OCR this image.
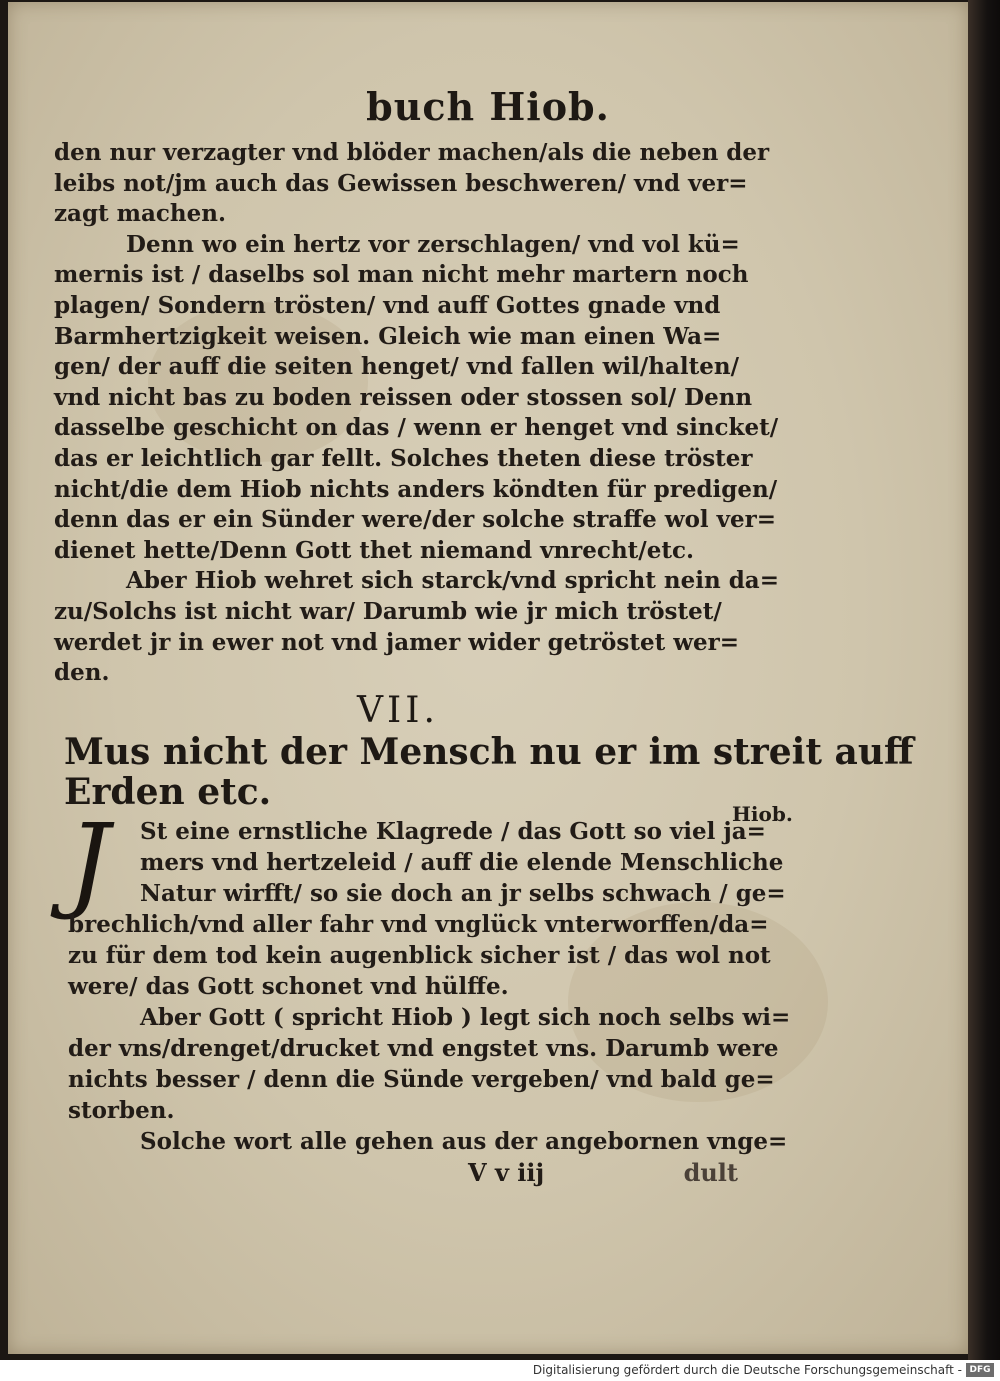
buch Hiob.

den nur verzagter vnd blöder machen/als die neben der

leibs not/jm auch das Gewissen beschweren/ vnd ver=

zagt machen.

Denn wo ein hertz vor zerschlagen/ vnd vol kü=

mernis ist / daselbs sol man nicht mehr martern noch

plagen/ Sondern trösten/ vnd auff Gottes gnade vnd

Barmhertzigkeit weisen. Gleich wie man einen Wa=

gen/ der auff die seiten henget/ vnd fallen wil/halten/

vnd nicht bas zu boden reissen oder stossen sol/ Denn

dasselbe geschicht on das / wenn er henget vnd sincket/

das er leichtlich gar fellt. Solches theten diese tröster

nicht/die dem Hiob nichts anders köndten für predigen/

denn das er ein Sünder were/der solche straffe wol ver=

dienet hette/Denn Gott thet niemand vnrecht/etc.

Aber Hiob wehret sich starck/vnd spricht nein da=

zu/Solchs ist nicht war/ Darumb wie jr mich tröstet/

werdet jr in ewer not vnd jamer wider getröstet wer=

den.

VII.

Mus nicht der Mensch nu er im streit auff

Erden etc.

Hiob.
J	St eine ernstliche Klagrede / das Gott so viel ja=

mers vnd hertzeleid / auff die elende Menschliche

Natur wirfft/ so sie doch an jr selbs schwach / ge=

brechlich/vnd aller fahr vnd vnglück vnterworffen/da=

zu für dem tod kein augenblick sicher ist / das wol not

were/ das Gott schonet vnd hülffe.

Aber Gott ( spricht Hiob ) legt sich noch selbs wi=

der vns/drenget/drucket vnd engstet vns. Darumb were

nichts besser / denn die Sünde vergeben/ vnd bald ge=

storben.

Solche wort alle gehen aus der angebornen vnge=

V v iij	dult
Digitalisierung gefördert durch die Deutsche Forschungsgemeinschaft - DFG
